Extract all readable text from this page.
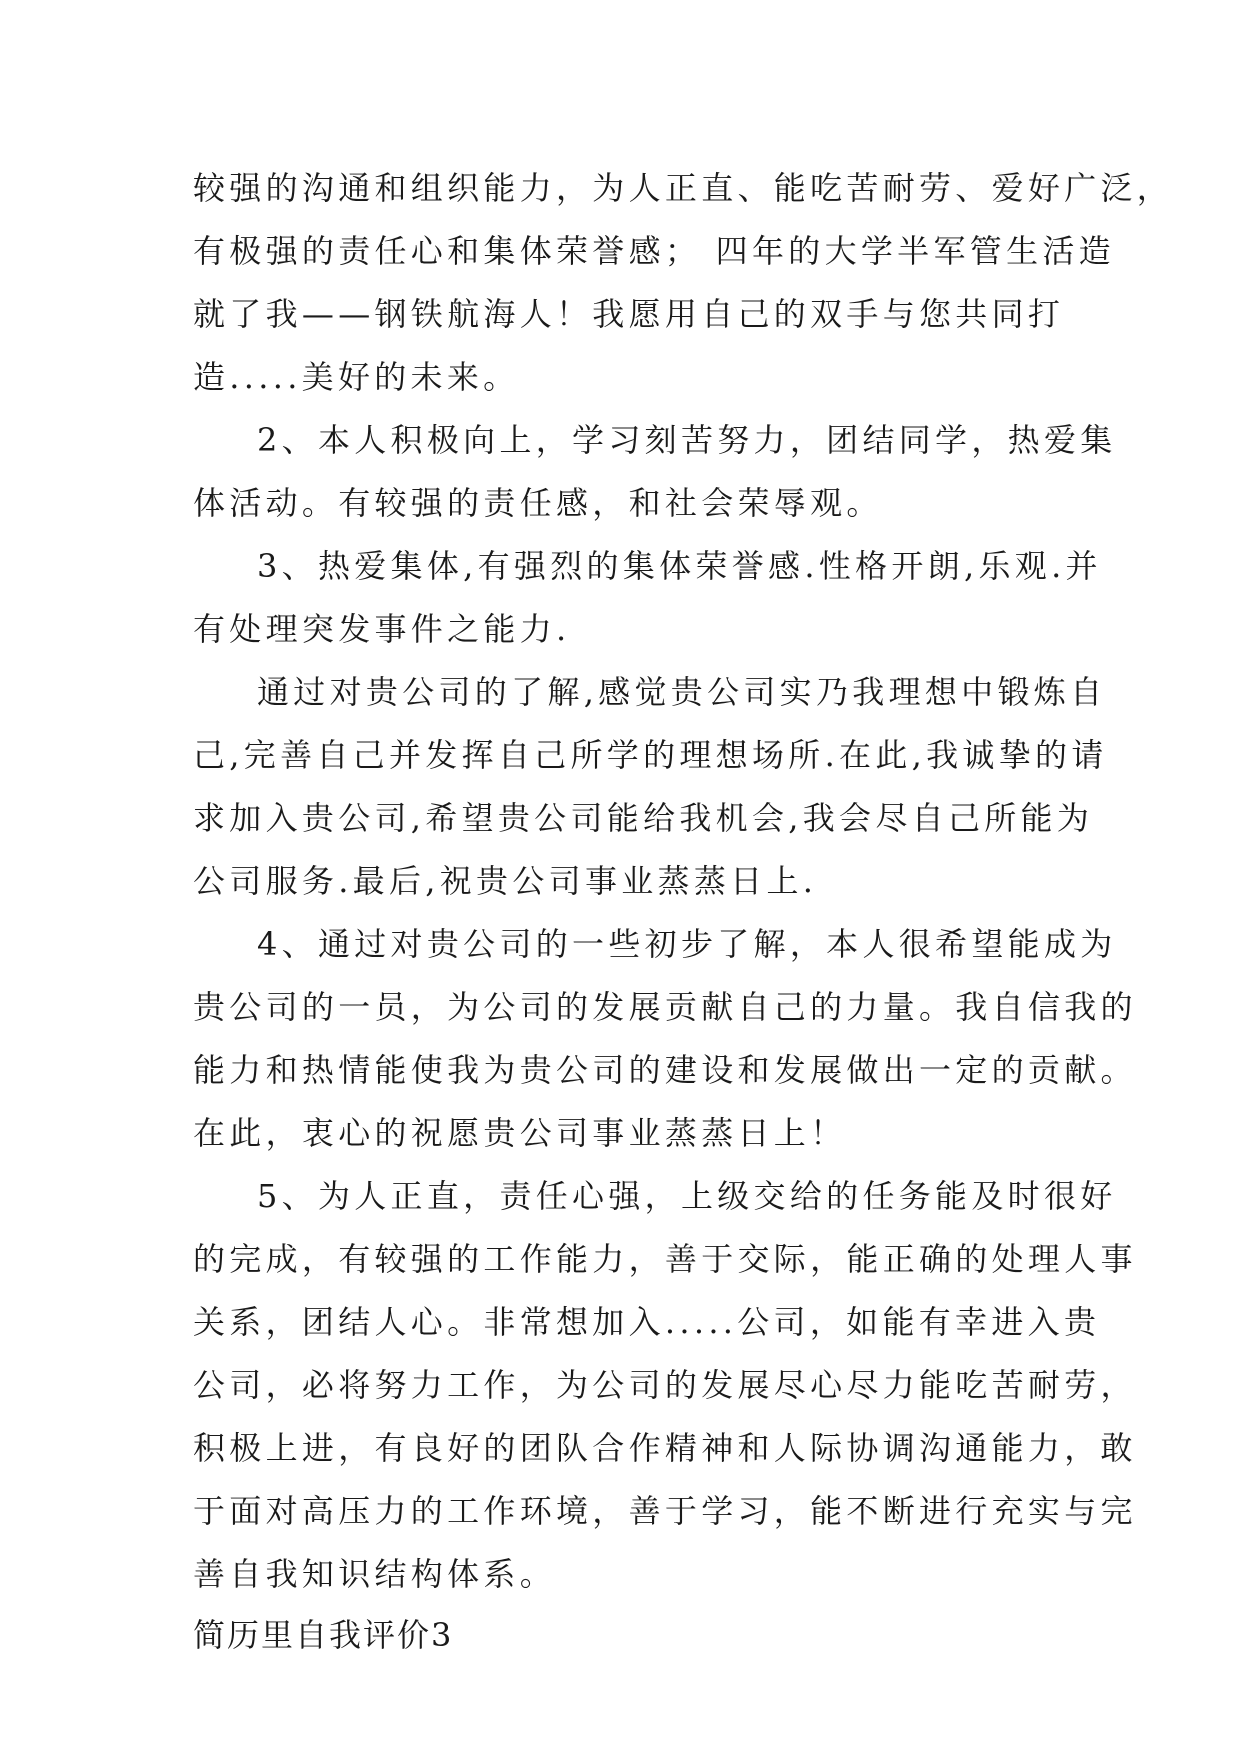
较强的沟通和组织能力，为人正直、能吃苦耐劳、爱好广泛，
有极强的责任心和集体荣誉感； 四年的大学半军管生活造
就了我——钢铁航海人！我愿用自己的双手与您共同打
造.....美好的未来。
2、本人积极向上，学习刻苦努力，团结同学，热爱集
体活动。有较强的责任感，和社会荣辱观。
3、热爱集体,有强烈的集体荣誉感.性格开朗,乐观.并
有处理突发事件之能力.
通过对贵公司的了解,感觉贵公司实乃我理想中锻炼自
己,完善自己并发挥自己所学的理想场所.在此,我诚挚的请
求加入贵公司,希望贵公司能给我机会,我会尽自己所能为
公司服务.最后,祝贵公司事业蒸蒸日上.
4、通过对贵公司的一些初步了解，本人很希望能成为
贵公司的一员，为公司的发展贡献自己的力量。我自信我的
能力和热情能使我为贵公司的建设和发展做出一定的贡献。
在此，衷心的祝愿贵公司事业蒸蒸日上！
5、为人正直，责任心强，上级交给的任务能及时很好
的完成，有较强的工作能力，善于交际，能正确的处理人事
关系，团结人心。非常想加入.....公司，如能有幸进入贵
公司，必将努力工作，为公司的发展尽心尽力能吃苦耐劳，
积极上进，有良好的团队合作精神和人际协调沟通能力，敢
于面对高压力的工作环境，善于学习，能不断进行充实与完
善自我知识结构体系。
简历里自我评价3
